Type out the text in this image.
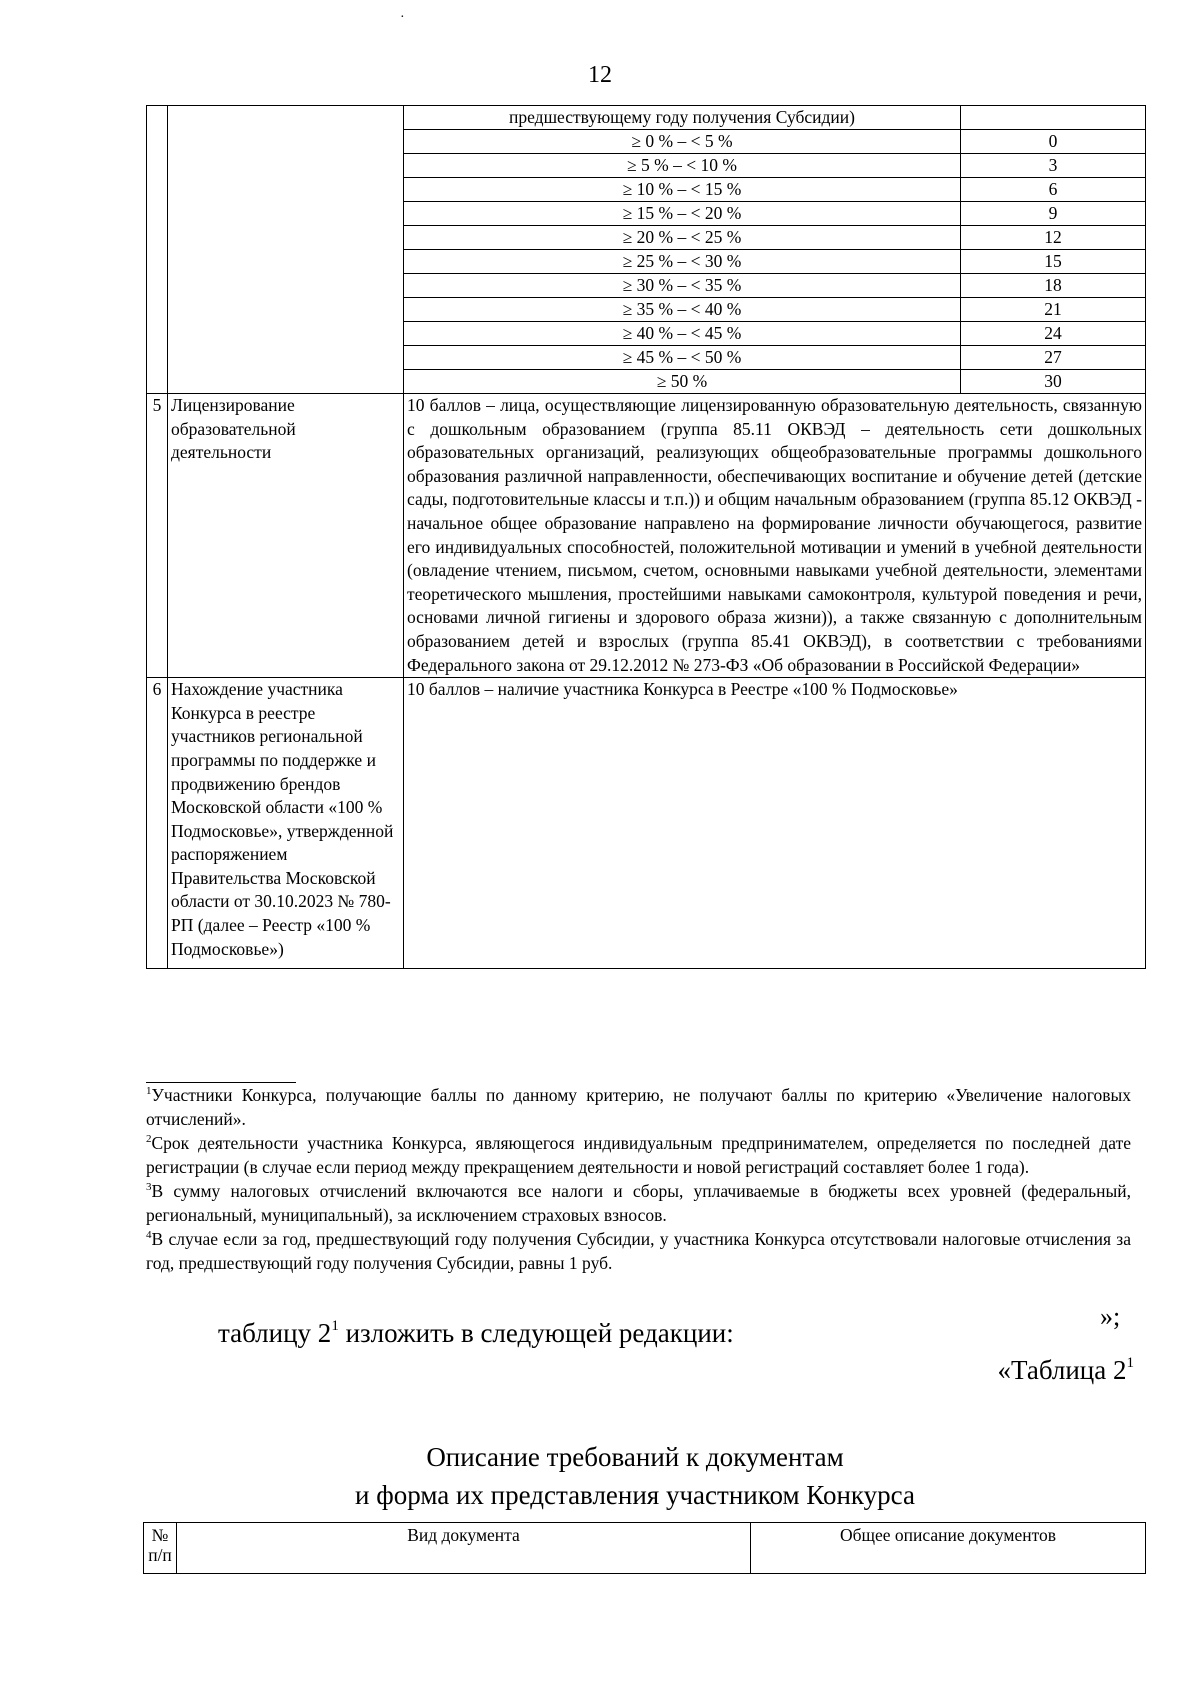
·
12
		предшествующему году получения Субсидии)	
		≥ 0 % – < 5 %	0
		≥ 5 % – < 10 %	3
		≥ 10 % – < 15 %	6
		≥ 15 % – < 20 %	9
		≥ 20 % – < 25 %	12
		≥ 25 % – < 30 %	15
		≥ 30 % – < 35 %	18
		≥ 35 % – < 40 %	21
		≥ 40 % – < 45 %	24
		≥ 45 % – < 50 %	27
		≥ 50 %	30
5	Лицензирование образовательной деятельности	10 баллов – лица, осуществляющие лицензированную образовательную деятельность, связанную с дошкольным образованием (группа 85.11 ОКВЭД – деятельность сети дошкольных образовательных организаций, реализующих общеобразовательные программы дошкольного образования различной направленности, обеспечивающих воспитание и обучение детей (детские сады, подготовительные классы и т.п.)) и общим начальным образованием (группа 85.12 ОКВЭД - начальное общее образование направлено на формирование личности обучающегося, развитие его индивидуальных способностей, положительной мотивации и умений в учебной деятельности (овладение чтением, письмом, счетом, основными навыками учебной деятельности, элементами теоретического мышления, простейшими навыками самоконтроля, культурой поведения и речи, основами личной гигиены и здорового образа жизни)), а также связанную с дополнительным образованием детей и взрослых (группа 85.41 ОКВЭД), в соответствии с требованиями Федерального закона от 29.12.2012 № 273-ФЗ «Об образовании в Российской Федерации»	
6	Нахождение участника Конкурса в реестре участников региональной программы по поддержке и продвижению брендов Московской области «100 % Подмосковье», утвержденной распоряжением Правительства Московской области от 30.10.2023 № 780-РП (далее – Реестр «100 % Подмосковье»)	10 баллов – наличие участника Конкурса в Реестре «100 % Подмосковье»	

$^1$Участники Конкурса, получающие баллы по данному критерию, не получают баллы по критерию «Увеличение налоговых отчислений».

$^2$Срок деятельности участника Конкурса, являющегося индивидуальным предпринимателем, определяется по последней дате регистрации (в случае если период между прекращением деятельности и новой регистраций составляет более 1 года).

$^3$В сумму налоговых отчислений включаются все налоги и сборы, уплачиваемые в бюджеты всех уровней (федеральный, региональный, муниципальный), за исключением страховых взносов.

$^4$В случае если за год, предшествующий году получения Субсидии, у участника Конкурса отсутствовали налоговые отчисления за год, предшествующий году получения Субсидии, равны 1 руб.

»;
таблицу $2^1$ изложить в следующей редакции:
«Таблица $2^1$
Описание требований к документам
и форма их представления участником Конкурса
№ п/п	Вид документа	Общее описание документов
